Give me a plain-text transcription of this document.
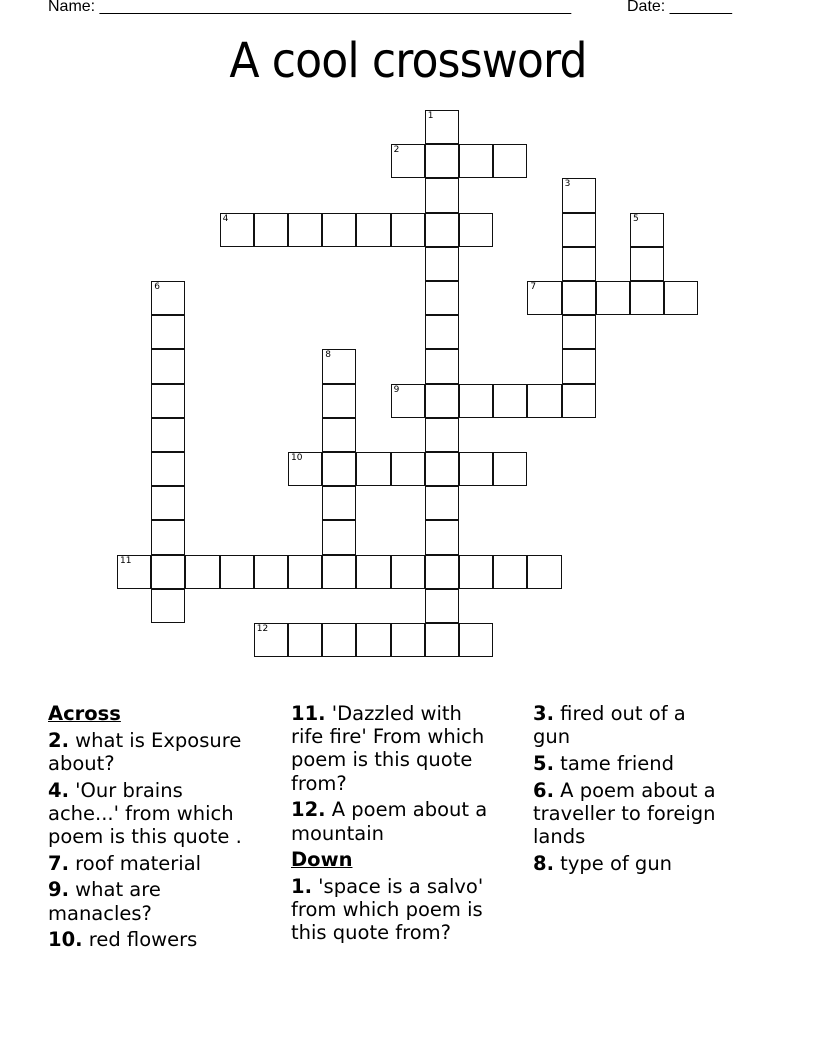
Name: _____________________________________________________	Date: _______
A cool crossword
1
2
3
4	5
6	7
8
9
10
11
12
Across
2. what is Exposure
about?
4. 'Our brains
ache...' from which
poem is this quote .
7. roof material
9. what are
manacles?
10. red flowers
11. 'Dazzled with
rife fire' From which
poem is this quote
from?
12. A poem about a
mountain
Down
1. 'space is a salvo'
from which poem is
this quote from?
3. fired out of a
gun
5. tame friend
6. A poem about a
traveller to foreign
lands
8. type of gun
